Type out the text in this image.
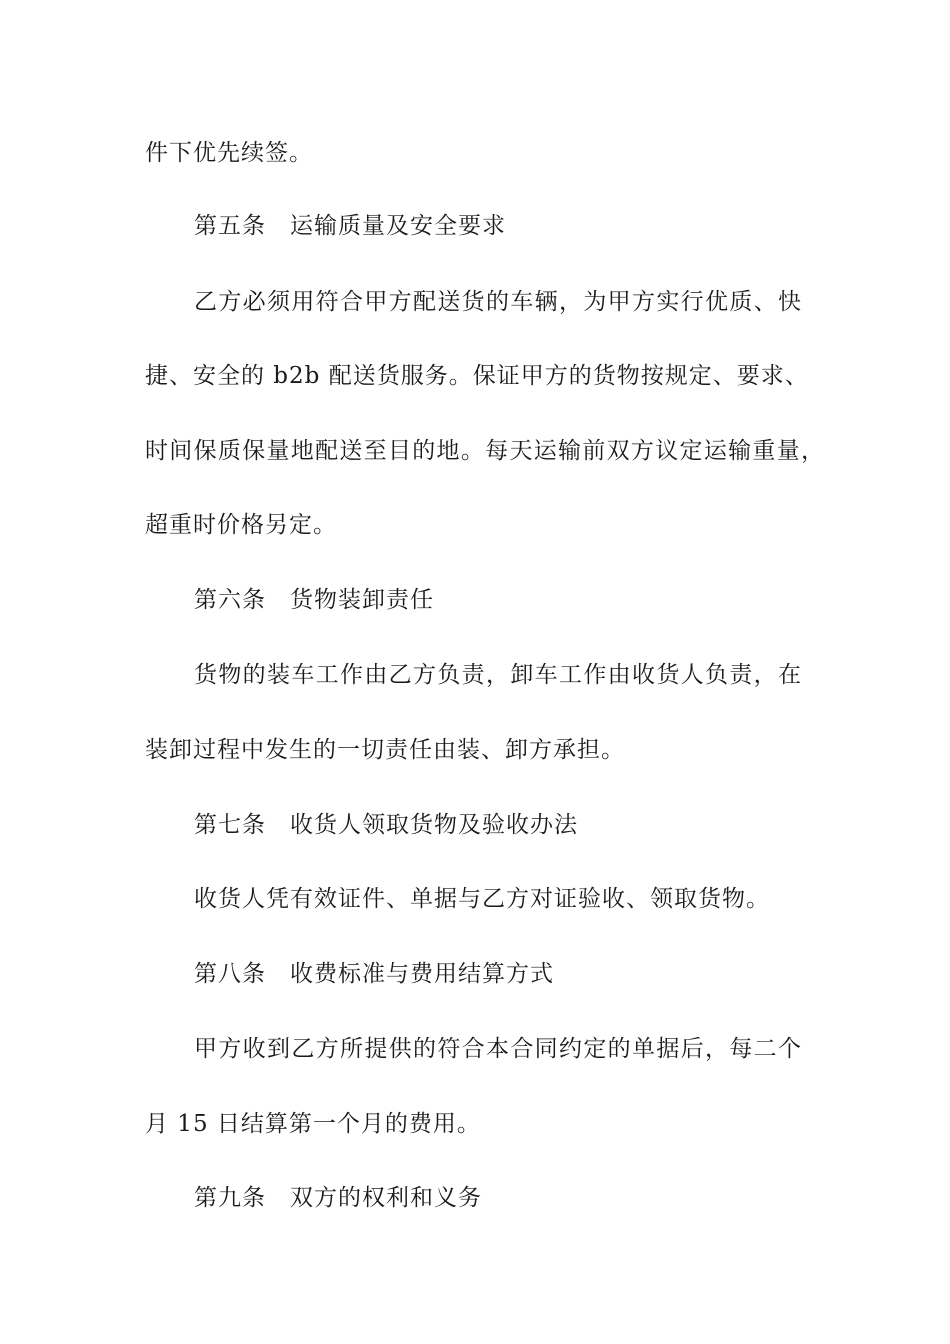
件下优先续签。
第五条 运输质量及安全要求
乙方必须用符合甲方配送货的车辆，为甲方实行优质、快
捷、安全的 b2b 配送货服务。保证甲方的货物按规定、要求、
时间保质保量地配送至目的地。每天运输前双方议定运输重量，
超重时价格另定。
第六条 货物装卸责任
货物的装车工作由乙方负责，卸车工作由收货人负责，在
装卸过程中发生的一切责任由装、卸方承担。
第七条 收货人领取货物及验收办法
收货人凭有效证件、单据与乙方对证验收、领取货物。
第八条 收费标准与费用结算方式
甲方收到乙方所提供的符合本合同约定的单据后，每二个
月 15 日结算第一个月的费用。
第九条 双方的权利和义务
